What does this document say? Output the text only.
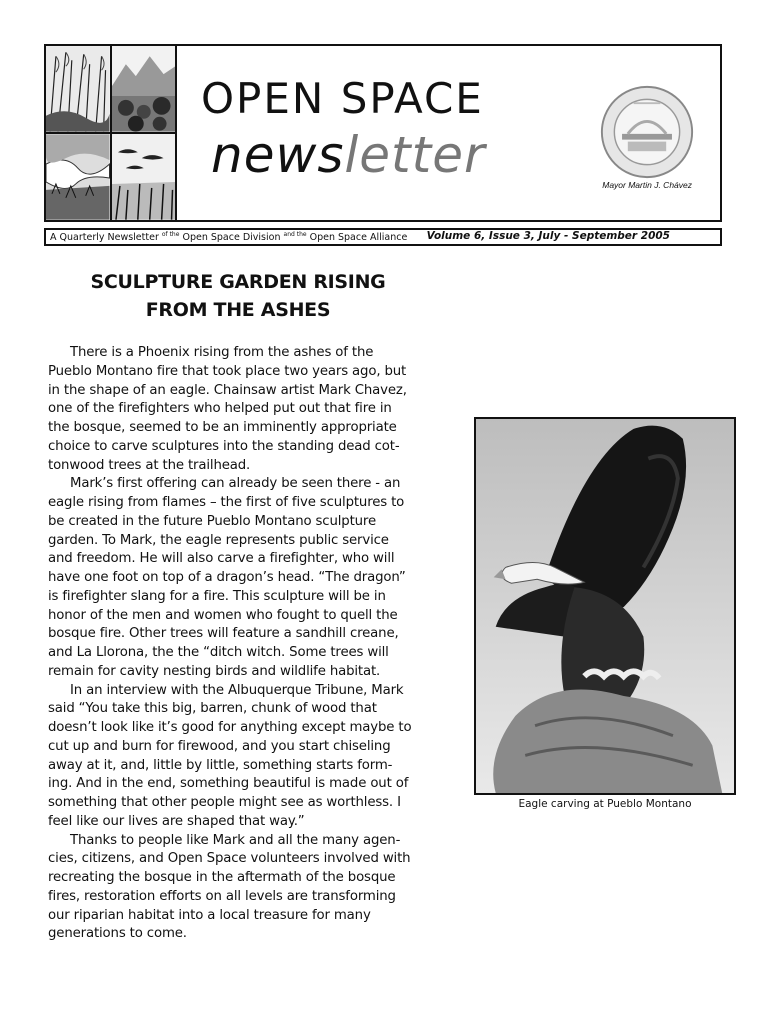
OPEN SPACE
newsletter
Mayor Martin J. Chávez
A Quarterly Newsletter $^{of the}$ Open Space Division $^{and the}$ Open Space Alliance Volume 6, Issue 3, July - September 2005
SCULPTURE GARDEN RISING
FROM THE ASHES
There is a Phoenix rising from the ashes of the
Pueblo Montano fire that took place two years ago, but
in the shape of an eagle. Chainsaw artist Mark Chavez,
one of the firefighters who helped put out that fire in
the bosque, seemed to be an imminently appropriate
choice to carve sculptures into the standing dead cot-
tonwood trees at the trailhead.
Mark’s first offering can already be seen there - an
eagle rising from flames – the first of five sculptures to
be created in the future Pueblo Montano sculpture
garden. To Mark, the eagle represents public service
and freedom. He will also carve a firefighter, who will
have one foot on top of a dragon’s head. “The dragon”
is firefighter slang for a fire. This sculpture will be in
honor of the men and women who fought to quell the
bosque fire. Other trees will feature a sandhill creane,
and La Llorona, the the “ditch witch. Some trees will
remain for cavity nesting birds and wildlife habitat.
In an interview with the Albuquerque Tribune, Mark
said “You take this big, barren, chunk of wood that
doesn’t look like it’s good for anything except maybe to
cut up and burn for firewood, and you start chiseling
away at it, and, little by little, something starts form-
ing. And in the end, something beautiful is made out of
something that other people might see as worthless. I
feel like our lives are shaped that way.”
Thanks to people like Mark and all the many agen-
cies, citizens, and Open Space volunteers involved with
recreating the bosque in the aftermath of the bosque
fires, restoration efforts on all levels are transforming
our riparian habitat into a local treasure for many
generations to come.
Eagle carving at Pueblo Montano
